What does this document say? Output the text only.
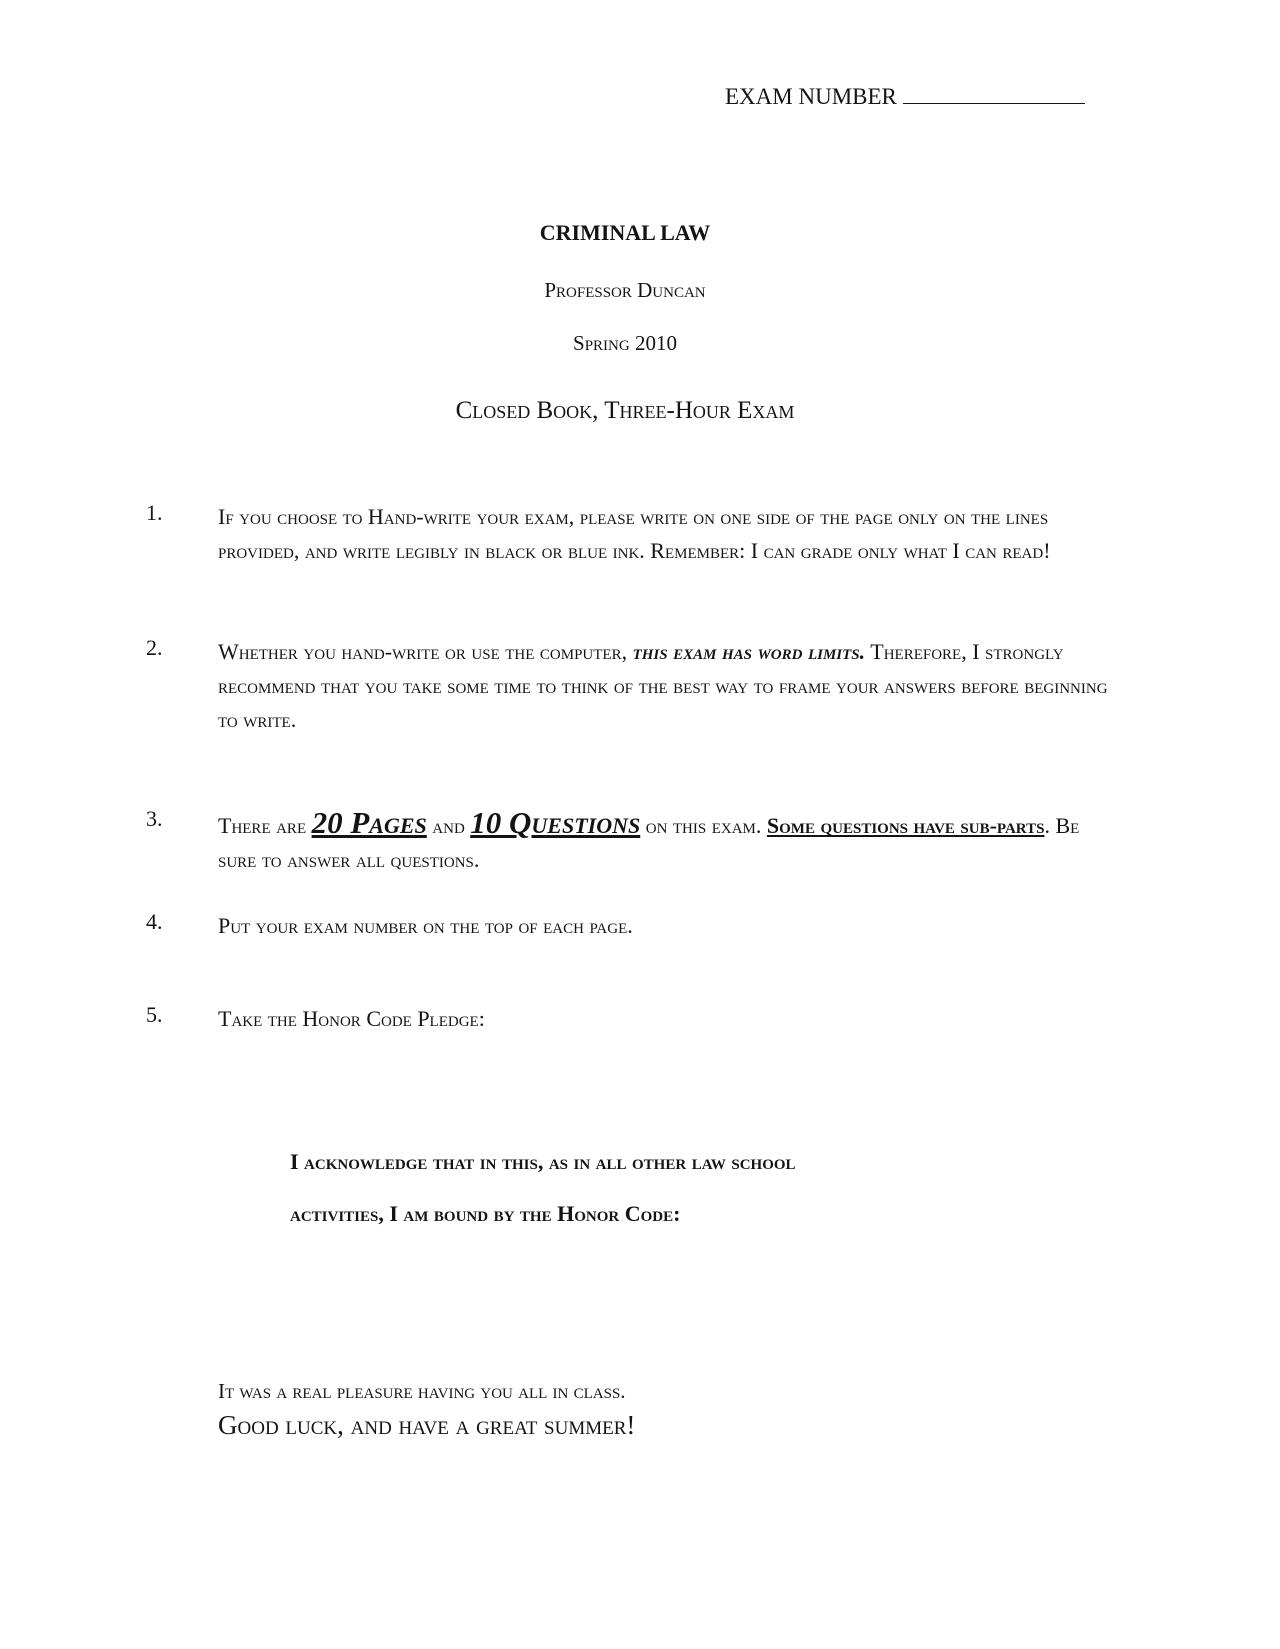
EXAM NUMBER
CRIMINAL LAW
Professor Duncan
Spring 2010
Closed Book, Three-Hour Exam
1.	If you choose to Hand-write your exam, please write on one side of the page only on the lines provided, and write legibly in black or blue ink. Remember: I can grade only what I can read!
2.	Whether you hand-write or use the computer, this exam has word limits. Therefore, I strongly recommend that you take some time to think of the best way to frame your answers before beginning to write.
3.	There are 20 Pages and 10 Questions on this exam. Some questions have sub-parts. Be sure to answer all questions.
4.	Put your exam number on the top of each page.
5.	Take the Honor Code Pledge:
I acknowledge that in this, as in all other law school
activities, I am bound by the Honor Code:
It was a real pleasure having you all in class.
Good luck, and have a great summer!
